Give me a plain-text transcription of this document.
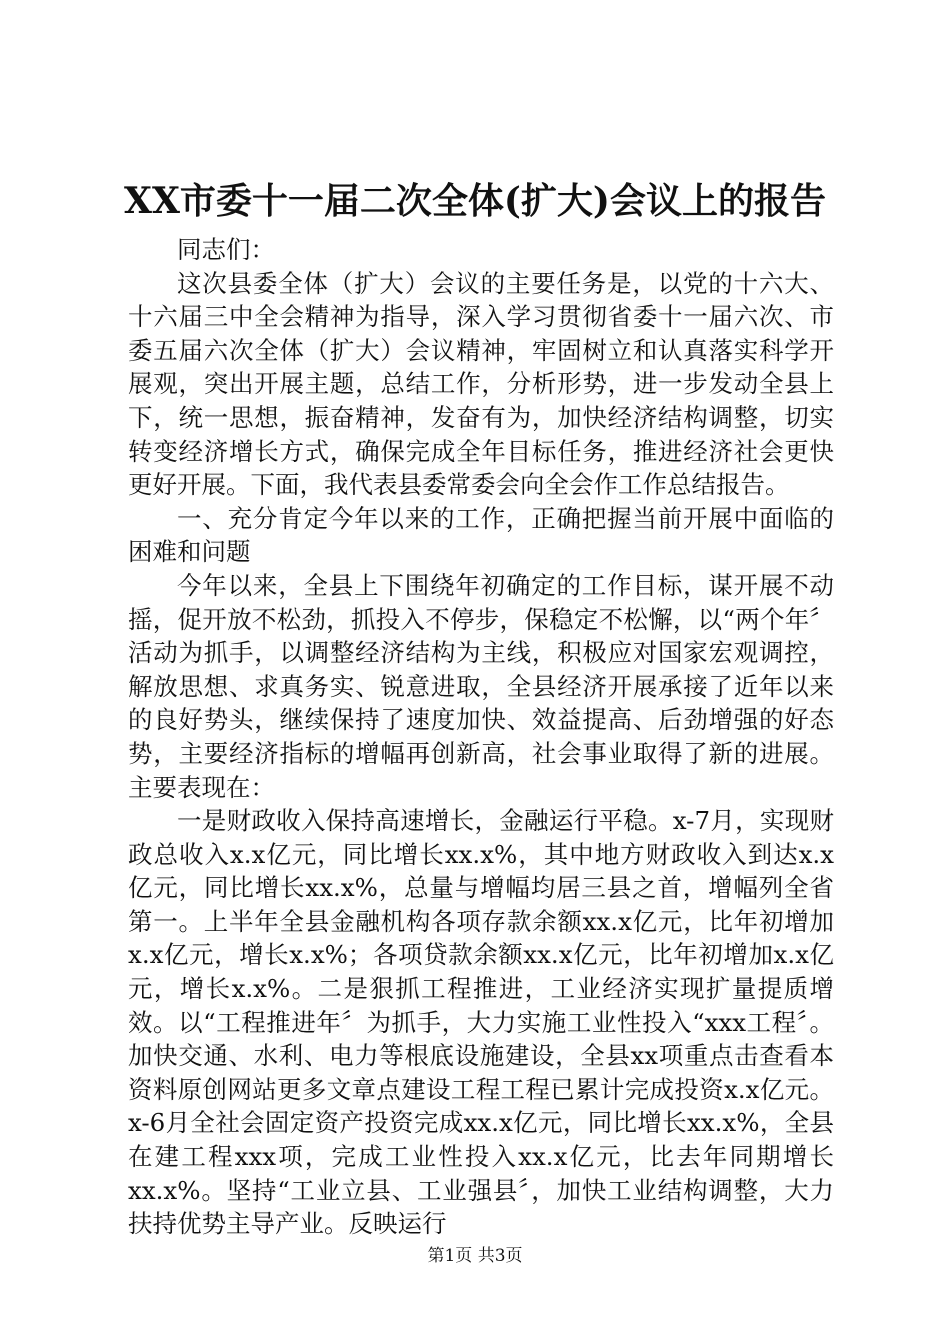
XX市委十一届二次全体(扩大)会议上的报告

同志们：

这次县委全体（扩大）会议的主要任务是，以党的十六大、十六届三中全会精神为指导，深入学习贯彻省委十一届六次、市委五届六次全体（扩大）会议精神，牢固树立和认真落实科学开展观，突出开展主题，总结工作，分析形势，进一步发动全县上下，统一思想，振奋精神，发奋有为，加快经济结构调整，切实转变经济增长方式，确保完成全年目标任务，推进经济社会更快更好开展。下面，我代表县委常委会向全会作工作总结报告。

一、充分肯定今年以来的工作，正确把握当前开展中面临的困难和问题

今年以来，全县上下围绕年初确定的工作目标，谋开展不动摇，促开放不松劲，抓投入不停步，保稳定不松懈，以“两个年〞活动为抓手，以调整经济结构为主线，积极应对国家宏观调控，解放思想、求真务实、锐意进取，全县经济开展承接了近年以来的良好势头，继续保持了速度加快、效益提高、后劲增强的好态势，主要经济指标的增幅再创新高，社会事业取得了新的进展。主要表现在：

一是财政收入保持高速增长，金融运行平稳。x-7月，实现财政总收入x.x亿元，同比增长xx.x%，其中地方财政收入到达x.x亿元，同比增长xx.x%，总量与增幅均居三县之首，增幅列全省第一。上半年全县金融机构各项存款余额xx.x亿元，比年初增加x.x亿元，增长x.x%；各项贷款余额xx.x亿元，比年初增加x.x亿元，增长x.x%。二是狠抓工程推进，工业经济实现扩量提质增效。以“工程推进年〞为抓手，大力实施工业性投入“xxx工程〞。加快交通、水利、电力等根底设施建设，全县xx项重点击查看本资料原创网站更多文章点建设工程工程已累计完成投资x.x亿元。x-6月全社会固定资产投资完成xx.x亿元，同比增长xx.x%，全县在建工程xxx项，完成工业性投入xx.x亿元，比去年同期增长xx.x%。坚持“工业立县、工业强县〞，加快工业结构调整，大力扶持优势主导产业。反映运行

第1页 共3页
